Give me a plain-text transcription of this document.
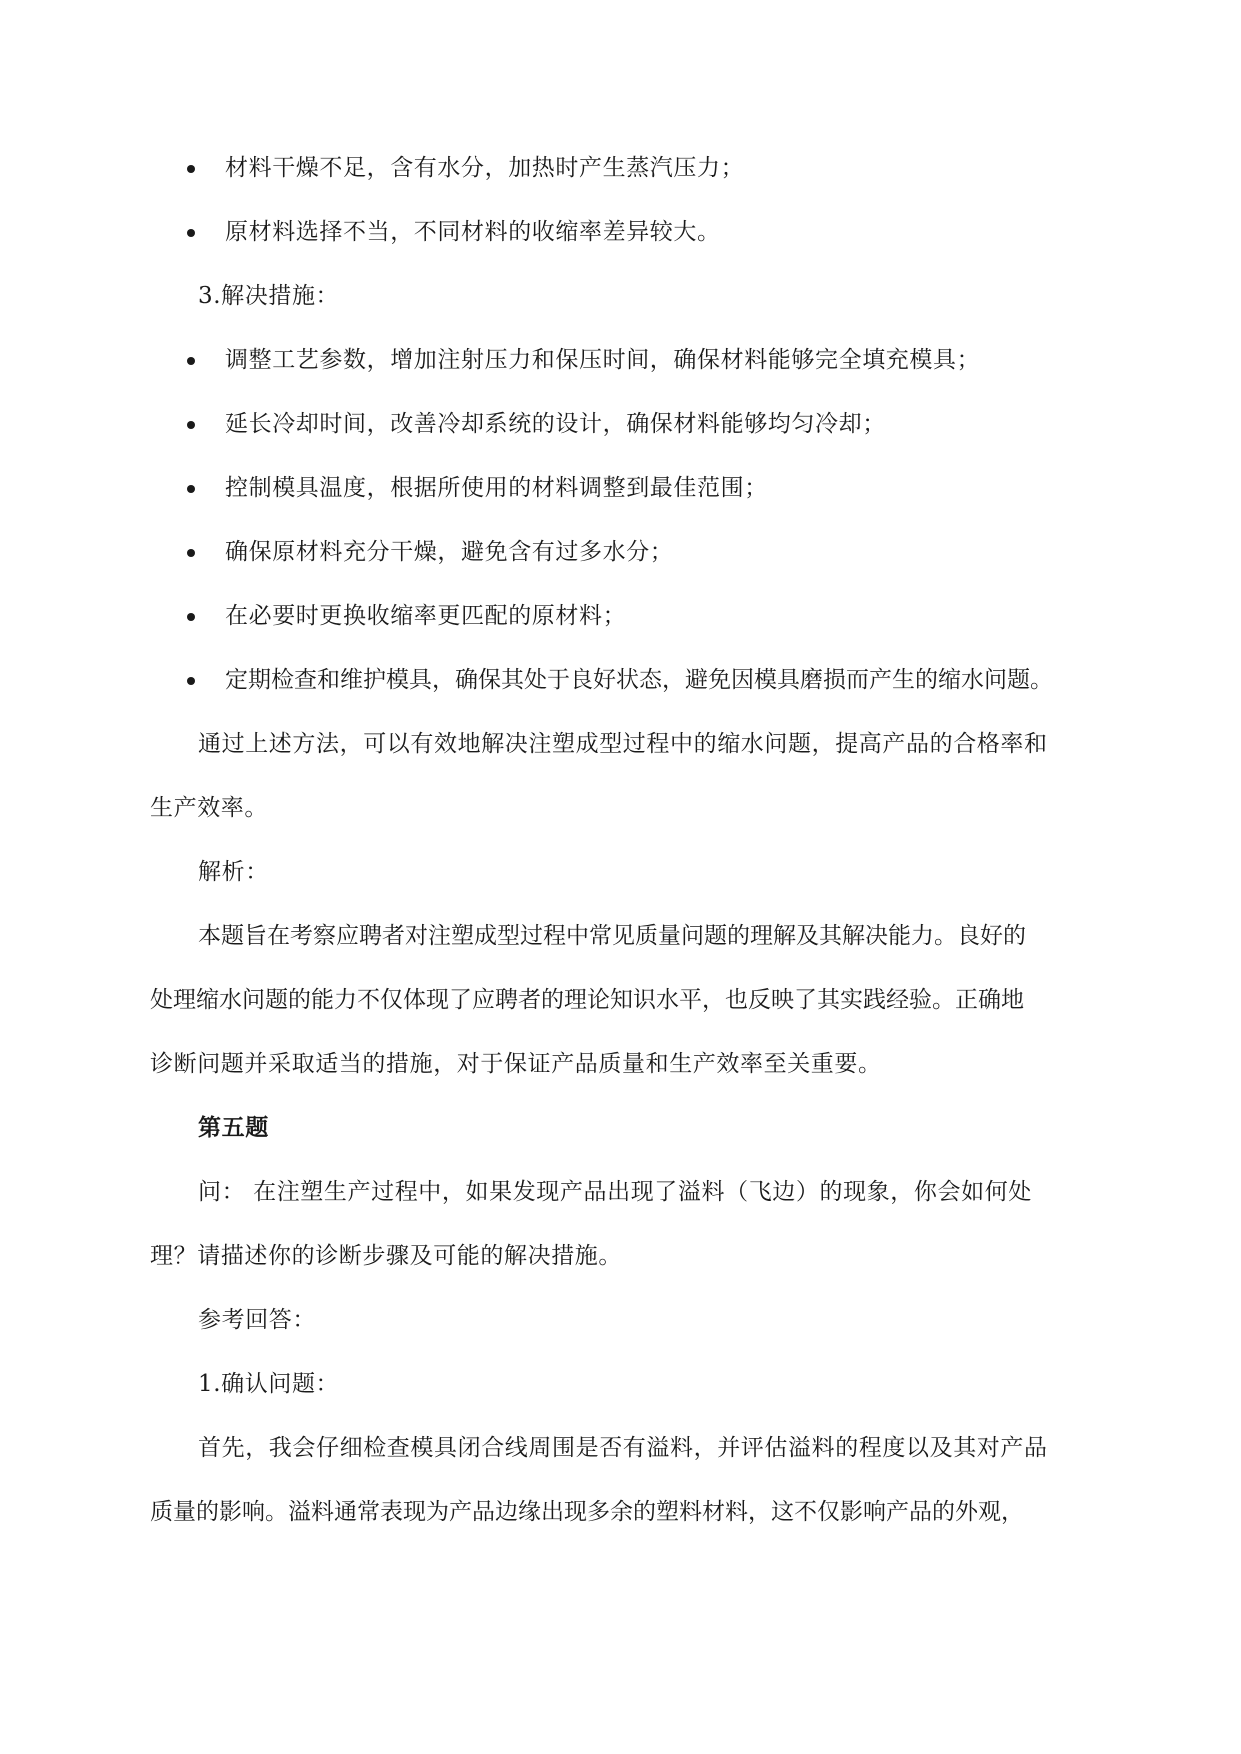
材料干燥不足，含有水分，加热时产生蒸汽压力；
原材料选择不当，不同材料的收缩率差异较大。
3.解决措施：
调整工艺参数，增加注射压力和保压时间，确保材料能够完全填充模具；
延长冷却时间，改善冷却系统的设计，确保材料能够均匀冷却；
控制模具温度，根据所使用的材料调整到最佳范围；
确保原材料充分干燥，避免含有过多水分；
在必要时更换收缩率更匹配的原材料；
定期检查和维护模具，确保其处于良好状态，避免因模具磨损而产生的缩水问题。
通过上述方法，可以有效地解决注塑成型过程中的缩水问题，提高产品的合格率和
生产效率。
解析：
本题旨在考察应聘者对注塑成型过程中常见质量问题的理解及其解决能力。良好的
处理缩水问题的能力不仅体现了应聘者的理论知识水平，也反映了其实践经验。正确地
诊断问题并采取适当的措施，对于保证产品质量和生产效率至关重要。
第五题
问： 在注塑生产过程中，如果发现产品出现了溢料（飞边）的现象，你会如何处
理？请描述你的诊断步骤及可能的解决措施。
参考回答：
1.确认问题：
首先，我会仔细检查模具闭合线周围是否有溢料，并评估溢料的程度以及其对产品
质量的影响。溢料通常表现为产品边缘出现多余的塑料材料，这不仅影响产品的外观，
